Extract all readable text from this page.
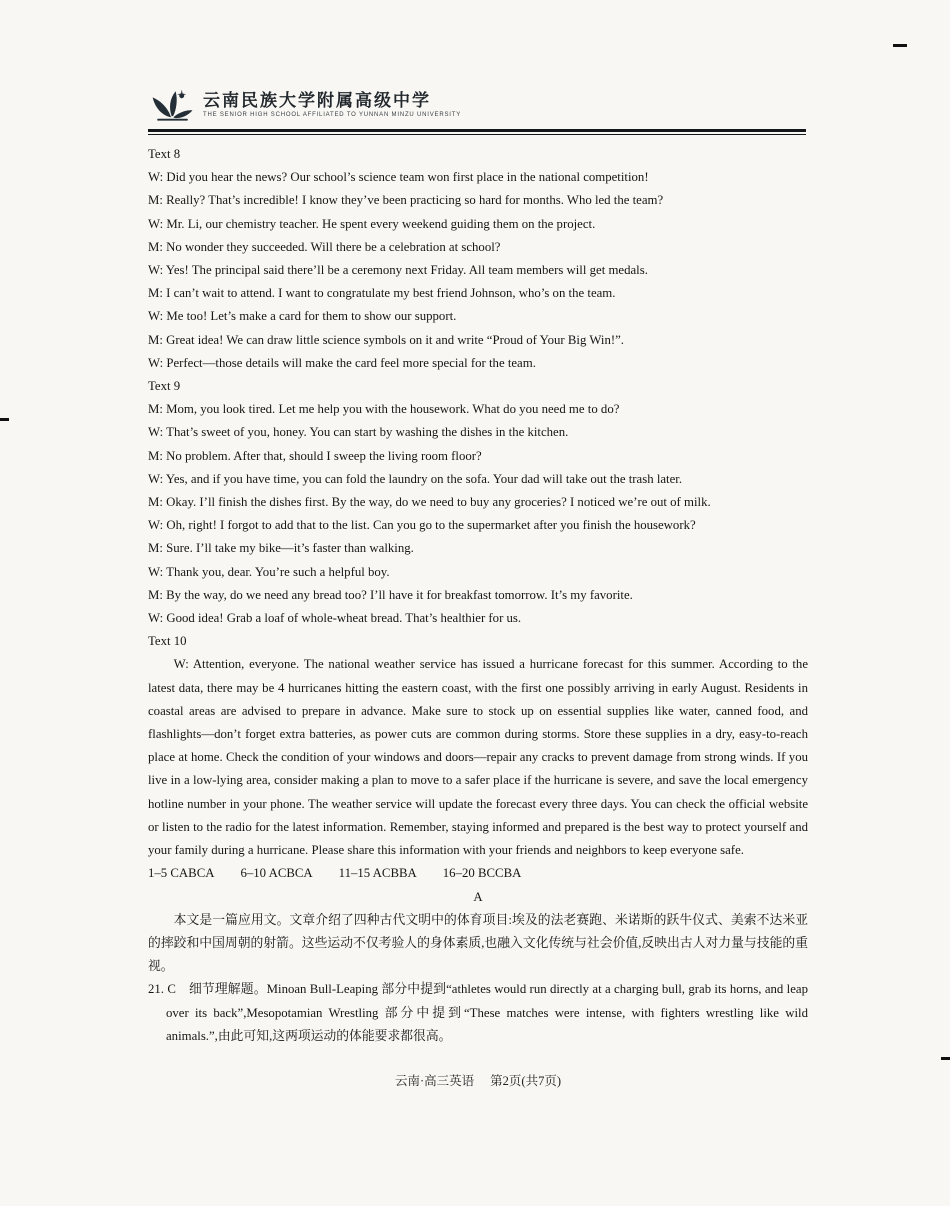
云南民族大学附属高级中学
THE SENIOR HIGH SCHOOL AFFILIATED TO YUNNAN MINZU UNIVERSITY

Text 8

W: Did you hear the news? Our school’s science team won first place in the national competition!

M: Really? That’s incredible! I know they’ve been practicing so hard for months. Who led the team?

W: Mr. Li, our chemistry teacher. He spent every weekend guiding them on the project.

M: No wonder they succeeded. Will there be a celebration at school?

W: Yes! The principal said there’ll be a ceremony next Friday. All team members will get medals.

M: I can’t wait to attend. I want to congratulate my best friend Johnson, who’s on the team.

W: Me too! Let’s make a card for them to show our support.

M: Great idea! We can draw little science symbols on it and write “Proud of Your Big Win!”.

W: Perfect—those details will make the card feel more special for the team.

Text 9

M: Mom, you look tired. Let me help you with the housework. What do you need me to do?

W: That’s sweet of you, honey. You can start by washing the dishes in the kitchen.

M: No problem. After that, should I sweep the living room floor?

W: Yes, and if you have time, you can fold the laundry on the sofa. Your dad will take out the trash later.

M: Okay. I’ll finish the dishes first. By the way, do we need to buy any groceries? I noticed we’re out of milk.

W: Oh, right! I forgot to add that to the list. Can you go to the supermarket after you finish the housework?

M: Sure. I’ll take my bike—it’s faster than walking.

W: Thank you, dear. You’re such a helpful boy.

M: By the way, do we need any bread too? I’ll have it for breakfast tomorrow. It’s my favorite.

W: Good idea! Grab a loaf of whole-wheat bread. That’s healthier for us.

Text 10

W: Attention, everyone. The national weather service has issued a hurricane forecast for this summer. According to the latest data, there may be 4 hurricanes hitting the eastern coast, with the first one possibly arriving in early August. Residents in coastal areas are advised to prepare in advance. Make sure to stock up on essential supplies like water, canned food, and flashlights—don’t forget extra batteries, as power cuts are common during storms. Store these supplies in a dry, easy-to-reach place at home. Check the condition of your windows and doors—repair any cracks to prevent damage from strong winds. If you live in a low-lying area, consider making a plan to move to a safer place if the hurricane is severe, and save the local emergency hotline number in your phone. The weather service will update the forecast every three days. You can check the official website or listen to the radio for the latest information. Remember, staying informed and prepared is the best way to protect yourself and your family during a hurricane. Please share this information with your friends and neighbors to keep everyone safe.

1–5 CABCA 6–10 ACBCA 11–15 ACBBA 16–20 BCCBA

A

本文是一篇应用文。文章介绍了四种古代文明中的体育项目:埃及的法老赛跑、米诺斯的跃牛仪式、美索不达米亚的摔跤和中国周朝的射箭。这些运动不仅考验人的身体素质,也融入文化传统与社会价值,反映出古人对力量与技能的重视。

21. C　细节理解题。Minoan Bull-Leaping 部分中提到“athletes would run directly at a charging bull, grab its horns, and leap over its back”,Mesopotamian Wrestling 部分中提到“These matches were intense, with fighters wrestling like wild animals.”,由此可知,这两项运动的体能要求都很高。

云南·高三英语 第2页(共7页)
